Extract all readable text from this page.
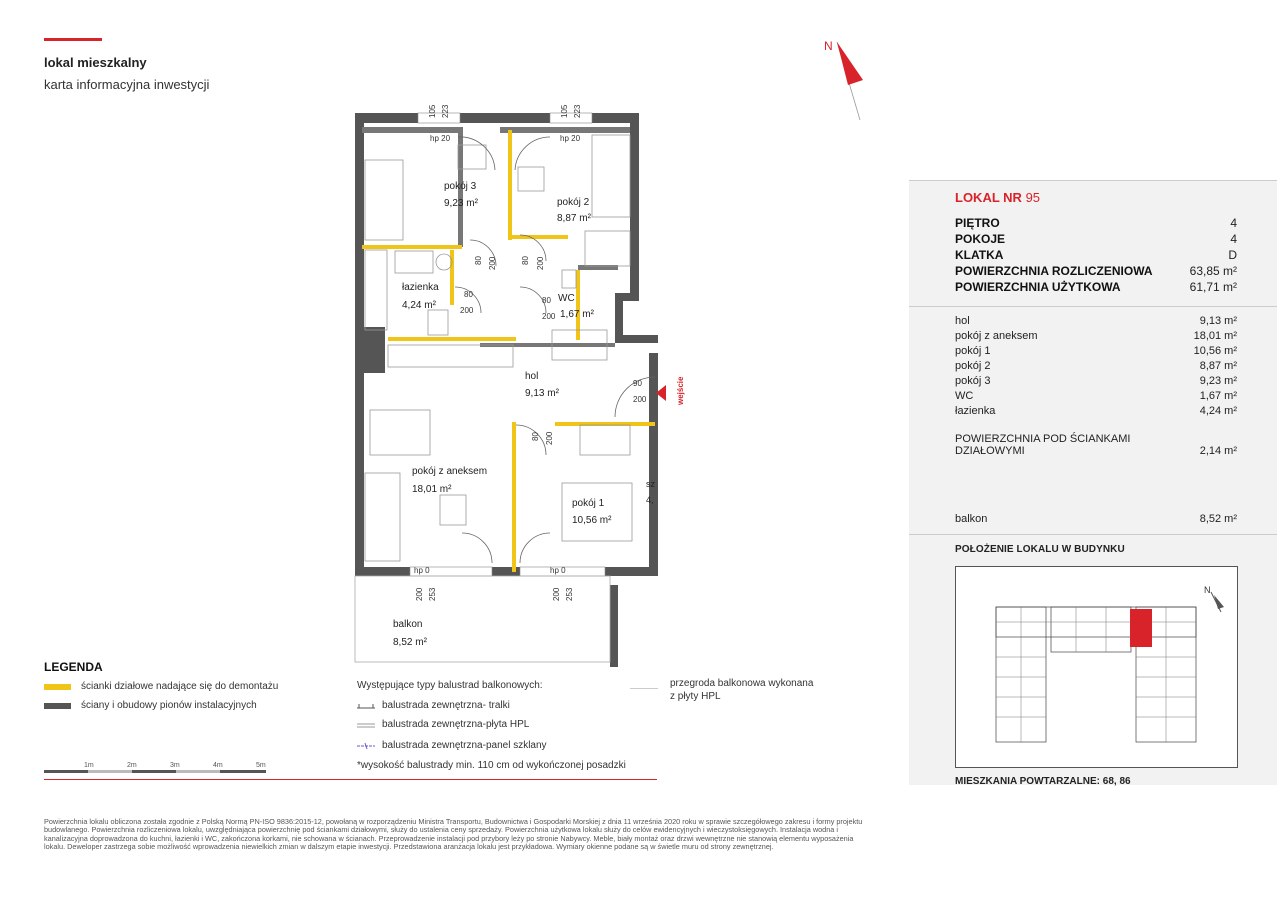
lokal mieszkalny
karta informacyjna inwestycji
N
pokój 3
9,23 m²	pokój 2
8,87 m²
łazienka
4,24 m²
WC
1,67 m²
hol
9,13 m²
pokój z aneksem
18,01 m²
pokój 1
10,56 m²
balkon
8,52 m²
sz
4,
105 223
hp 20
105 223
hp 20
80 200	80 200
80
200
80
200
90
200
80 200
hp 0	hp 0
200 253	200 253
wejście
LOKAL NR 95
PIĘTRO	4
POKOJE	4
KLATKA	D
POWIERZCHNIA ROZLICZENIOWA	63,85 m²
POWIERZCHNIA UŻYTKOWA	61,71 m²
hol	9,13 m²
pokój z aneksem	18,01 m²
pokój 1	10,56 m²
pokój 2	8,87 m²
pokój 3	9,23 m²
WC	1,67 m²
łazienka	4,24 m²
POWIERZCHNIA POD ŚCIANKAMI
DZIAŁOWYMI	2,14 m²
balkon	8,52 m²
POŁOŻENIE LOKALU W BUDYNKU
N
MIESZKANIA POWTARZALNE: 68, 86
LEGENDA
ścianki działowe nadające się do demontażu
ściany i obudowy pionów instalacyjnych
1m	2m	3m	4m	5m
Występujące typy balustrad balkonowych:
balustrada zewnętrzna- tralki
balustrada zewnętrzna-płyta HPL
balustrada zewnętrzna-panel szklany
*wysokość balustrady min. 110 cm od wykończonej posadzki
przegroda balkonowa wykonana
z płyty HPL
Powierzchnia lokalu obliczona została zgodnie z Polską Normą PN-ISO 9836:2015-12, powołaną w rozporządzeniu Ministra Transportu, Budownictwa i Gospodarki Morskiej z dnia 11 września 2020 roku w sprawie szczegółowego zakresu i formy projektu budowlanego. Powierzchnia rozliczeniowa lokalu, uwzględniająca powierzchnię pod ściankami działowymi, służy do ustalenia ceny sprzedaży. Powierzchnia użytkowa lokalu służy do celów ewidencyjnych i wieczystoksięgowych. Instalacja wodna i kanalizacyjna doprowadzona do kuchni, łazienki i WC, zakończona korkami, nie schowana w ścianach. Przeprowadzenie instalacji pod przybory leży po stronie Nabywcy. Meble, biały montaż oraz drzwi wewnętrzne nie stanowią elementu wyposażenia lokalu. Deweloper zastrzega sobie możliwość wprowadzenia niewielkich zmian w dalszym etapie inwestycji. Przedstawiona aranżacja lokalu jest przykładowa. Wymiary okienne podane są w świetle muru od strony zewnętrznej.
